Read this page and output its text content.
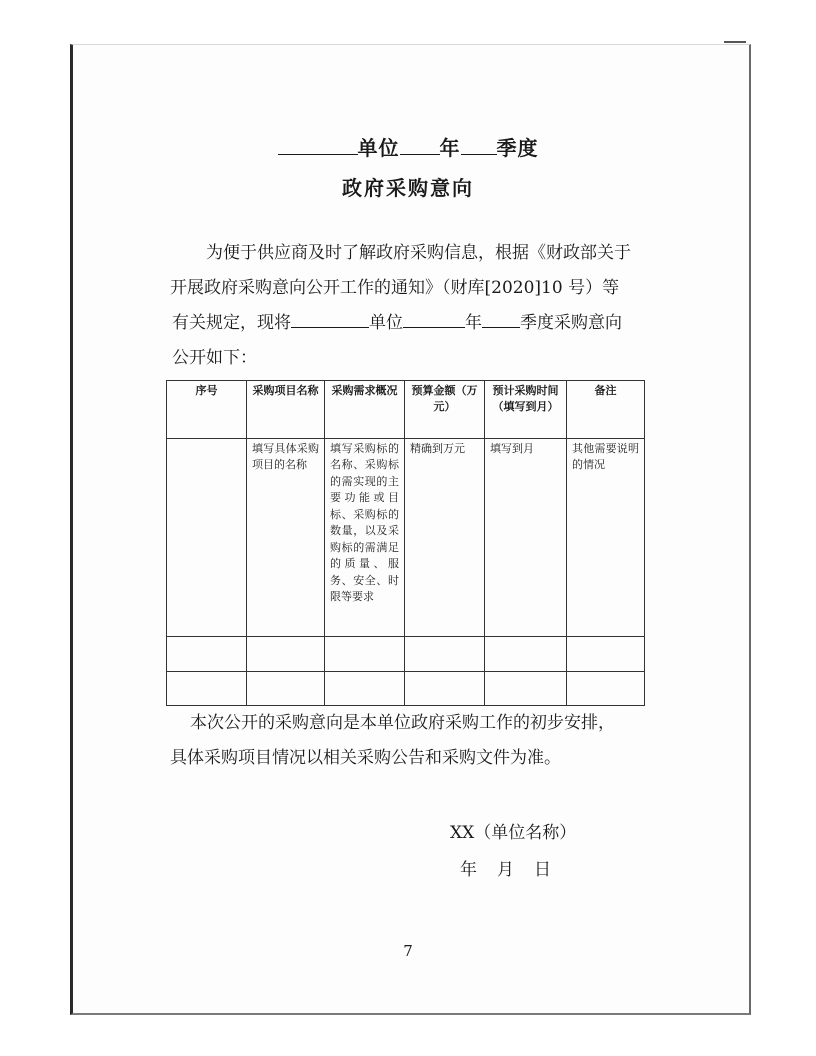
单位 年 季度
政府采购意向
为便于供应商及时了解政府采购信息，根据《财政部关于
开展政府采购意向公开工作的通知》（财库[2020]10 号）等
有关规定，现将	单位	年 季度采购意向
公开如下：
序号	采购项目名称	采购需求概况	预算金额（万元）	预计采购时间（填写到月）	备注
	填写具体采购项目的名称	填写采购标的名称、采购标的需实现的主要功能或目标、采购标的数量，以及采购标的需满足的质量、服务、安全、时限等要求	精确到万元	填写到月	其他需要说明的情况

本次公开的采购意向是本单位政府采购工作的初步安排，
具体采购项目情况以相关采购公告和采购文件为准。
XX（单位名称）
年月日
7
